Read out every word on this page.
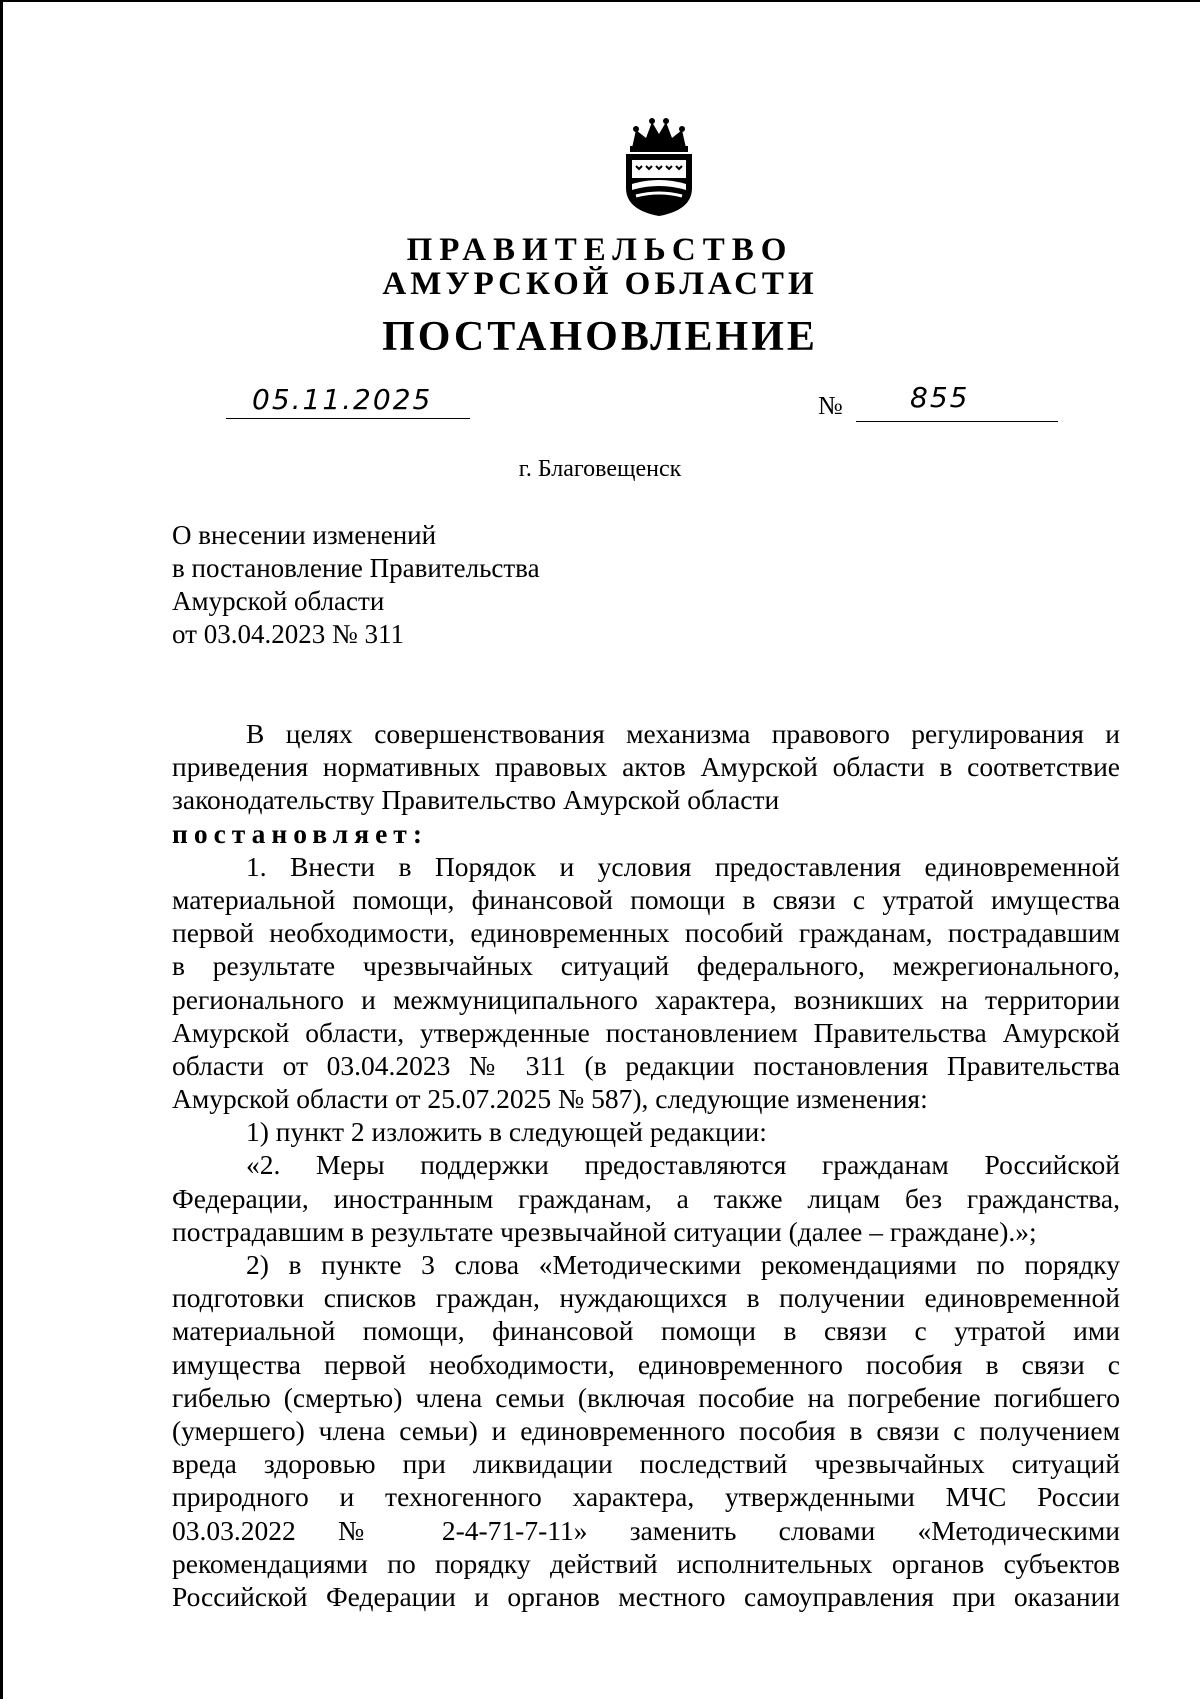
ПРАВИТЕЛЬСТВО
АМУРСКОЙ ОБЛАСТИ
ПОСТАНОВЛЕНИЕ
05.11.2025	№ 855
г. Благовещенск
О внесении изменений
в постановление Правительства
Амурской области
от 03.04.2023 № 311
В целях совершенствования механизма правового регулирования и
приведения нормативных правовых актов Амурской области в соответствие
законодательству Правительство Амурской области
постановляет:
1. Внести в Порядок и условия предоставления единовременной
материальной помощи, финансовой помощи в связи с утратой имущества
первой необходимости, единовременных пособий гражданам, пострадавшим
в результате чрезвычайных ситуаций федерального, межрегионального,
регионального и межмуниципального характера, возникших на территории
Амурской области, утвержденные постановлением Правительства Амурской
области от 03.04.2023 № 311 (в редакции постановления Правительства
Амурской области от 25.07.2025 № 587), следующие изменения:
1) пункт 2 изложить в следующей редакции:
«2. Меры поддержки предоставляются гражданам Российской
Федерации, иностранным гражданам, а также лицам без гражданства,
пострадавшим в результате чрезвычайной ситуации (далее – граждане).»;
2) в пункте 3 слова «Методическими рекомендациями по порядку
подготовки списков граждан, нуждающихся в получении единовременной
материальной помощи, финансовой помощи в связи с утратой ими
имущества первой необходимости, единовременного пособия в связи с
гибелью (смертью) члена семьи (включая пособие на погребение погибшего
(умершего) члена семьи) и единовременного пособия в связи с получением
вреда здоровью при ликвидации последствий чрезвычайных ситуаций
природного и техногенного характера, утвержденными МЧС России
03.03.2022 № 2-4-71-7-11» заменить словами «Методическими
рекомендациями по порядку действий исполнительных органов субъектов
Российской Федерации и органов местного самоуправления при оказании
